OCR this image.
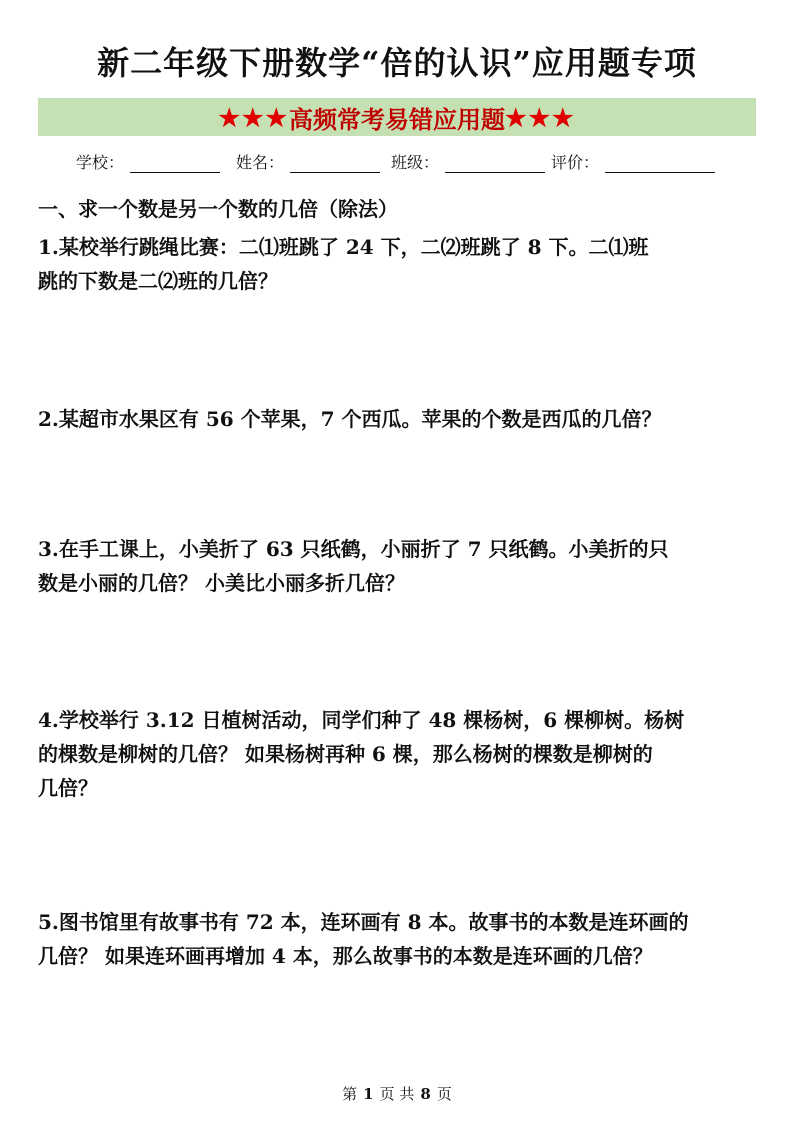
新二年级下册数学“倍的认识”应用题专项
★★★ 高频常考易错应用题 ★★★
学校：	姓名：	班级：	评价：
一、求一个数是另一个数的几倍（除法）

1.某校举行跳绳比赛：二⑴班跳了 24 下，二⑵班跳了 8 下。二⑴班

跳的下数是二⑵班的几倍？

2.某超市水果区有 56 个苹果，7 个西瓜。苹果的个数是西瓜的几倍？

3.在手工课上，小美折了 63 只纸鹤，小丽折了 7 只纸鹤。小美折的只

数是小丽的几倍？ 小美比小丽多折几倍？

4.学校举行 3.12 日植树活动，同学们种了 48 棵杨树，6 棵柳树。杨树

的棵数是柳树的几倍？ 如果杨树再种 6 棵，那么杨树的棵数是柳树的

几倍？

5.图书馆里有故事书有 72 本，连环画有 8 本。故事书的本数是连环画的

几倍？ 如果连环画再增加 4 本，那么故事书的本数是连环画的几倍？

第 1 页 共 8 页
